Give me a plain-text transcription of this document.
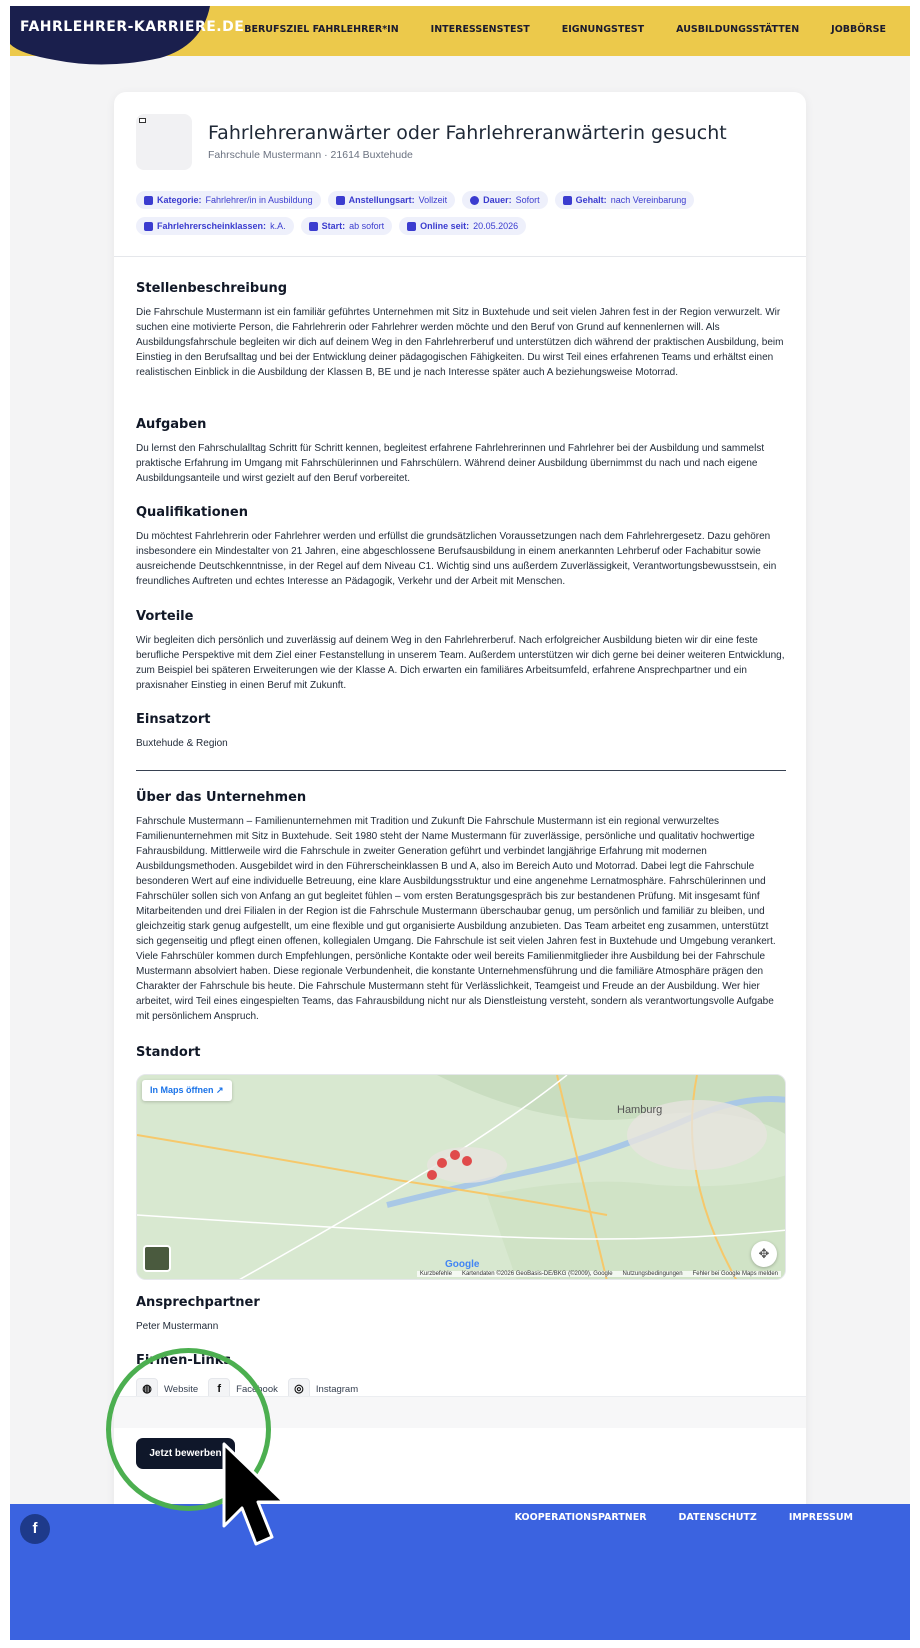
FAHRLEHRER-KARRIERE.DE BERUFSZIEL FAHRLEHRER*IN	INTERESSENSTEST	EIGNUNGSTEST	AUSBILDUNGSSTÄTTEN	JOBBÖRSE
Fahrlehreranwärter oder Fahrlehreranwärterin gesucht
Fahrschule Mustermann · 21614 Buxtehude
Kategorie: Fahrlehrer/in in Ausbildung	Anstellungsart: Vollzeit	Dauer: Sofort	Gehalt: nach Vereinbarung
Fahrlehrerscheinklassen: k.A.	Start: ab sofort	Online seit: 20.05.2026
Stellenbeschreibung
Die Fahrschule Mustermann ist ein familiär geführtes Unternehmen mit Sitz in Buxtehude und seit vielen Jahren fest in der Region verwurzelt. Wir suchen eine motivierte Person, die Fahrlehrerin oder Fahrlehrer werden möchte und den Beruf von Grund auf kennenlernen will. Als Ausbildungsfahrschule begleiten wir dich auf deinem Weg in den Fahrlehrerberuf und unterstützen dich während der praktischen Ausbildung, beim Einstieg in den Berufsalltag und bei der Entwicklung deiner pädagogischen Fähigkeiten. Du wirst Teil eines erfahrenen Teams und erhältst einen realistischen Einblick in die Ausbildung der Klassen B, BE und je nach Interesse später auch A beziehungsweise Motorrad.
Aufgaben
Du lernst den Fahrschulalltag Schritt für Schritt kennen, begleitest erfahrene Fahrlehrerinnen und Fahrlehrer bei der Ausbildung und sammelst praktische Erfahrung im Umgang mit Fahrschülerinnen und Fahrschülern. Während deiner Ausbildung übernimmst du nach und nach eigene Ausbildungsanteile und wirst gezielt auf den Beruf vorbereitet.
Qualifikationen
Du möchtest Fahrlehrerin oder Fahrlehrer werden und erfüllst die grundsätzlichen Voraussetzungen nach dem Fahrlehrergesetz. Dazu gehören insbesondere ein Mindestalter von 21 Jahren, eine abgeschlossene Berufsausbildung in einem anerkannten Lehrberuf oder Fachabitur sowie ausreichende Deutschkenntnisse, in der Regel auf dem Niveau C1. Wichtig sind uns außerdem Zuverlässigkeit, Verantwortungsbewusstsein, ein freundliches Auftreten und echtes Interesse an Pädagogik, Verkehr und der Arbeit mit Menschen.
Vorteile
Wir begleiten dich persönlich und zuverlässig auf deinem Weg in den Fahrlehrerberuf. Nach erfolgreicher Ausbildung bieten wir dir eine feste berufliche Perspektive mit dem Ziel einer Festanstellung in unserem Team. Außerdem unterstützen wir dich gerne bei deiner weiteren Entwicklung, zum Beispiel bei späteren Erweiterungen wie der Klasse A. Dich erwarten ein familiäres Arbeitsumfeld, erfahrene Ansprechpartner und ein praxisnaher Einstieg in einen Beruf mit Zukunft.
Einsatzort
Buxtehude & Region
Über das Unternehmen
Fahrschule Mustermann – Familienunternehmen mit Tradition und Zukunft Die Fahrschule Mustermann ist ein regional verwurzeltes Familienunternehmen mit Sitz in Buxtehude. Seit 1980 steht der Name Mustermann für zuverlässige, persönliche und qualitativ hochwertige Fahrausbildung. Mittlerweile wird die Fahrschule in zweiter Generation geführt und verbindet langjährige Erfahrung mit modernen Ausbildungsmethoden. Ausgebildet wird in den Führerscheinklassen B und A, also im Bereich Auto und Motorrad. Dabei legt die Fahrschule besonderen Wert auf eine individuelle Betreuung, eine klare Ausbildungsstruktur und eine angenehme Lernatmosphäre. Fahrschülerinnen und Fahrschüler sollen sich von Anfang an gut begleitet fühlen – vom ersten Beratungsgespräch bis zur bestandenen Prüfung. Mit insgesamt fünf Mitarbeitenden und drei Filialen in der Region ist die Fahrschule Mustermann überschaubar genug, um persönlich und familiär zu bleiben, und gleichzeitig stark genug aufgestellt, um eine flexible und gut organisierte Ausbildung anzubieten. Das Team arbeitet eng zusammen, unterstützt sich gegenseitig und pflegt einen offenen, kollegialen Umgang. Die Fahrschule ist seit vielen Jahren fest in Buxtehude und Umgebung verankert. Viele Fahrschüler kommen durch Empfehlungen, persönliche Kontakte oder weil bereits Familienmitglieder ihre Ausbildung bei der Fahrschule Mustermann absolviert haben. Diese regionale Verbundenheit, die konstante Unternehmensführung und die familiäre Atmosphäre prägen den Charakter der Fahrschule bis heute. Die Fahrschule Mustermann steht für Verlässlichkeit, Teamgeist und Freude an der Ausbildung. Wer hier arbeitet, wird Teil eines eingespielten Teams, das Fahrausbildung nicht nur als Dienstleistung versteht, sondern als verantwortungsvolle Aufgabe mit persönlichem Anspruch.
Standort
Hamburg
In Maps öffnen ↗
✥
Google
Kurzbefehle Kartendaten ©2026 GeoBasis-DE/BKG (©2009), Google Nutzungsbedingungen Fehler bei Google Maps melden
Ansprechpartner
Peter Mustermann
Firmen-Links
◍	Website	f	Facebook	◎	Instagram
Jetzt bewerben
f
KOOPERATIONSPARTNER	DATENSCHUTZ	IMPRESSUM
